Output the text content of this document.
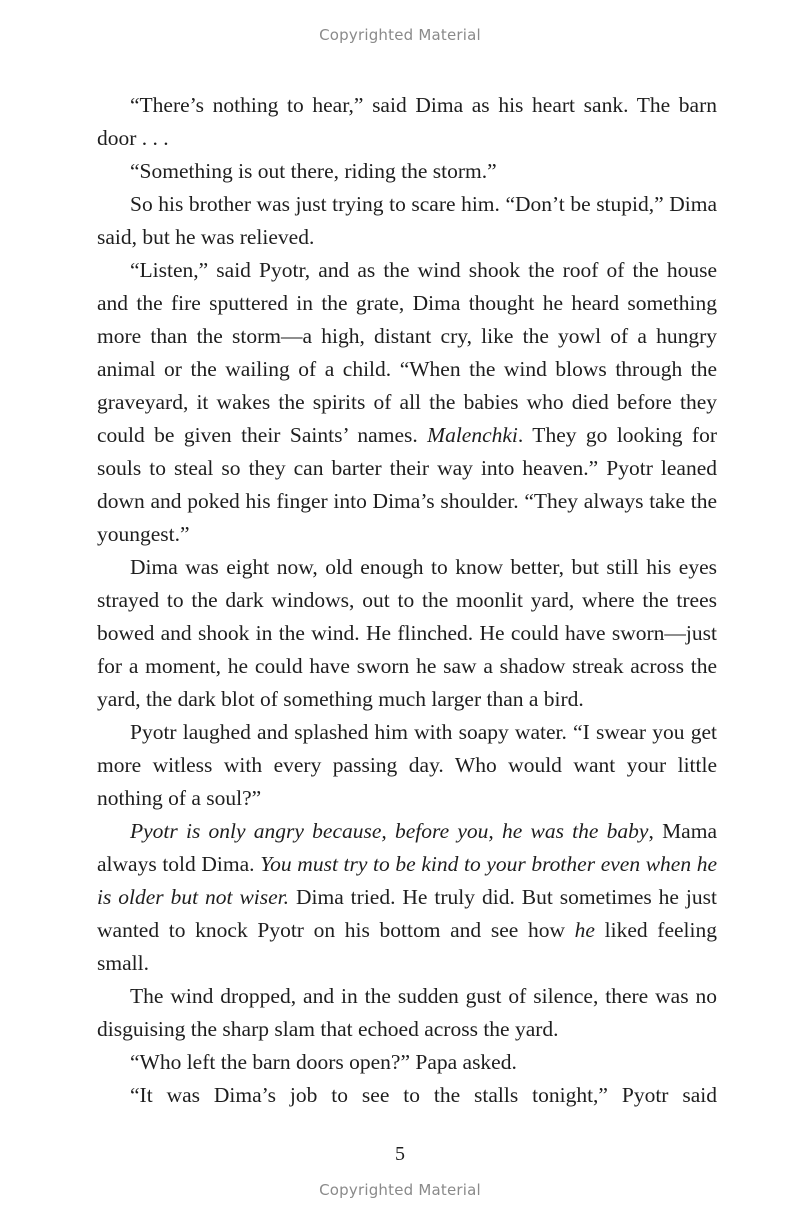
Copyrighted Material

“There’s nothing to hear,” said Dima as his heart sank. The barn door . . .

“Something is out there, riding the storm.”

So his brother was just trying to scare him. “Don’t be stupid,” Dima said, but he was relieved.

“Listen,” said Pyotr, and as the wind shook the roof of the house and the fire sputtered in the grate, Dima thought he heard something more than the storm—a high, distant cry, like the yowl of a hungry animal or the wailing of a child. “When the wind blows through the graveyard, it wakes the spirits of all the babies who died before they could be given their Saints’ names. Malenchki. They go looking for souls to steal so they can barter their way into heaven.” Pyotr leaned down and poked his finger into Dima’s shoulder. “They always take the youngest.”

Dima was eight now, old enough to know better, but still his eyes strayed to the dark windows, out to the moonlit yard, where the trees bowed and shook in the wind. He flinched. He could have sworn—just for a moment, he could have sworn he saw a shadow streak across the yard, the dark blot of something much larger than a bird.

Pyotr laughed and splashed him with soapy water. “I swear you get more witless with every passing day. Who would want your little nothing of a soul?”

Pyotr is only angry because, before you, he was the baby, Mama always told Dima. You must try to be kind to your brother even when he is older but not wiser. Dima tried. He truly did. But sometimes he just wanted to knock Pyotr on his bottom and see how he liked feeling small.

The wind dropped, and in the sudden gust of silence, there was no disguising the sharp slam that echoed across the yard.

“Who left the barn doors open?” Papa asked.

“It was Dima’s job to see to the stalls tonight,” Pyotr said

5
Copyrighted Material
